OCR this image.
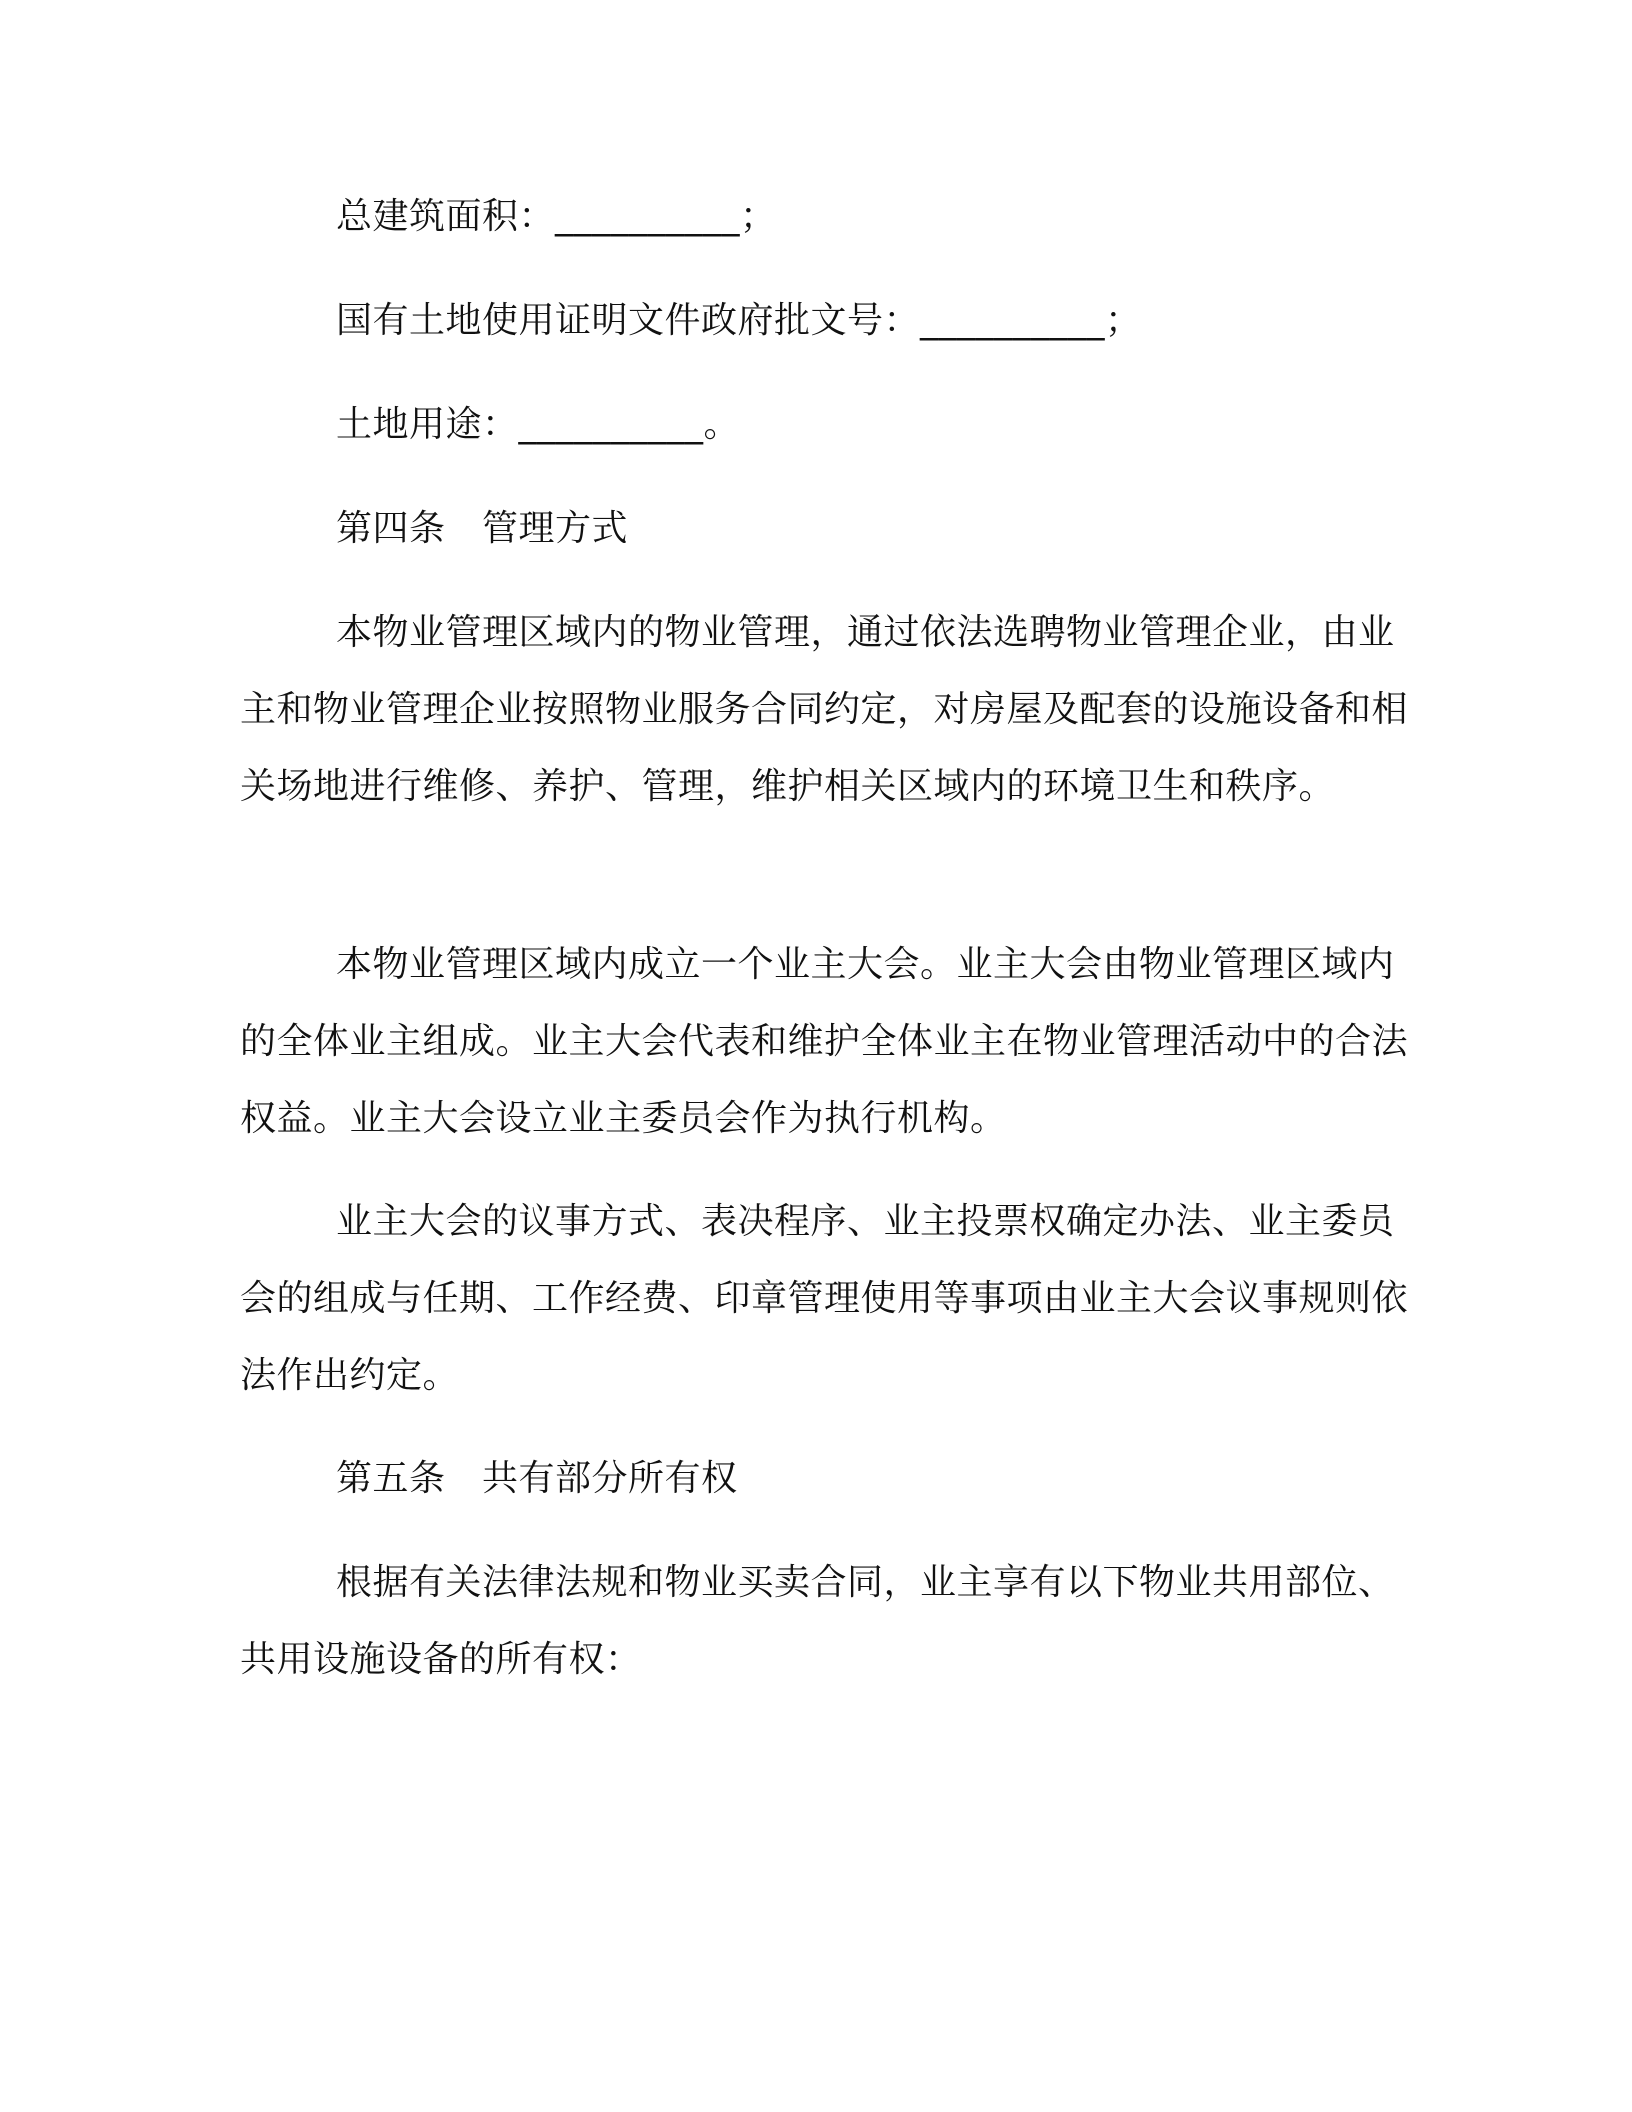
总建筑面积：__________；

国有土地使用证明文件政府批文号：__________；

土地用途：__________。

第四条　管理方式

本物业管理区域内的物业管理，通过依法选聘物业管理企业，由业主和物业管理企业按照物业服务合同约定，对房屋及配套的设施设备和相关场地进行维修、养护、管理，维护相关区域内的环境卫生和秩序。

本物业管理区域内成立一个业主大会。业主大会由物业管理区域内的全体业主组成。业主大会代表和维护全体业主在物业管理活动中的合法权益。业主大会设立业主委员会作为执行机构。

业主大会的议事方式、表决程序、业主投票权确定办法、业主委员会的组成与任期、工作经费、印章管理使用等事项由业主大会议事规则依法作出约定。

第五条　共有部分所有权

根据有关法律法规和物业买卖合同，业主享有以下物业共用部位、共用设施设备的所有权：
